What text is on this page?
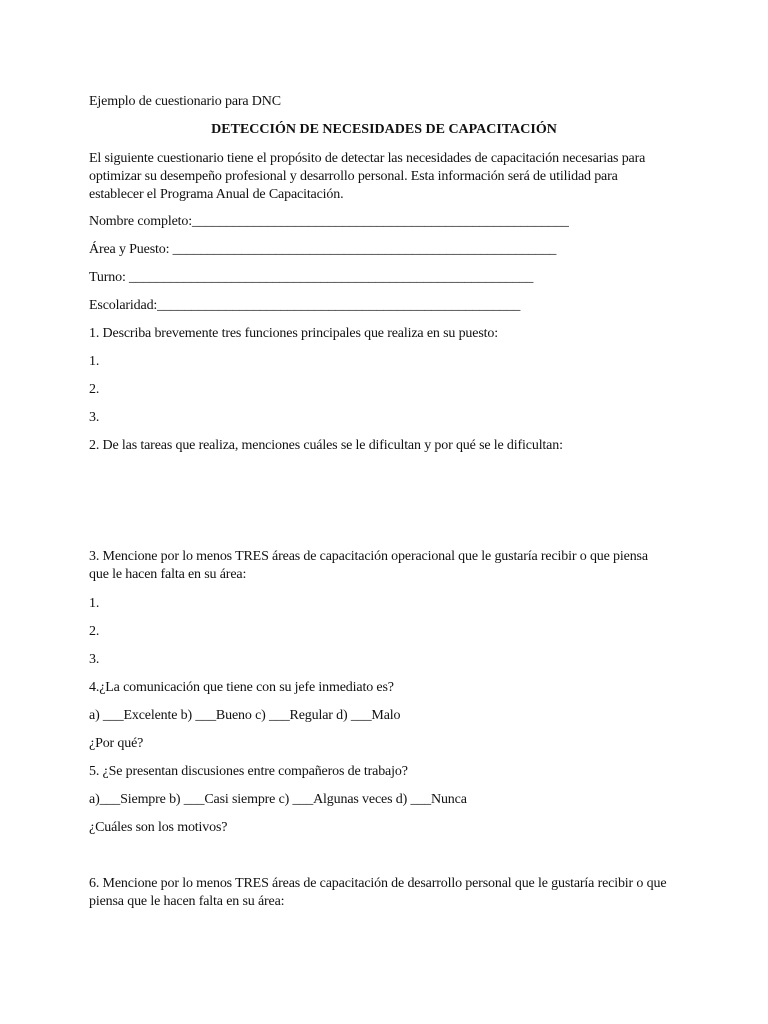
Ejemplo de cuestionario para DNC
DETECCIÓN DE NECESIDADES DE CAPACITACIÓN
El siguiente cuestionario tiene el propósito de detectar las necesidades de capacitación necesarias para
optimizar su desempeño profesional y desarrollo personal. Esta información será de utilidad para
establecer el Programa Anual de Capacitación.
Nombre completo:_______________________________________________________
Área y Puesto: ________________________________________________________
Turno: ___________________________________________________________
Escolaridad:_____________________________________________________
1. Describa brevemente tres funciones principales que realiza en su puesto:
1.
2.
3.
2. De las tareas que realiza, menciones cuáles se le dificultan y por qué se le dificultan:
3. Mencione por lo menos TRES áreas de capacitación operacional que le gustaría recibir o que piensa
que le hacen falta en su área:
1.
2.
3.
4.¿La comunicación que tiene con su jefe inmediato es?
a) ___Excelente b) ___Bueno c) ___Regular d) ___Malo
¿Por qué?
5. ¿Se presentan discusiones entre compañeros de trabajo?
a)___Siempre b) ___Casi siempre c) ___Algunas veces d) ___Nunca
¿Cuáles son los motivos?
6. Mencione por lo menos TRES áreas de capacitación de desarrollo personal que le gustaría recibir o que
piensa que le hacen falta en su área:
